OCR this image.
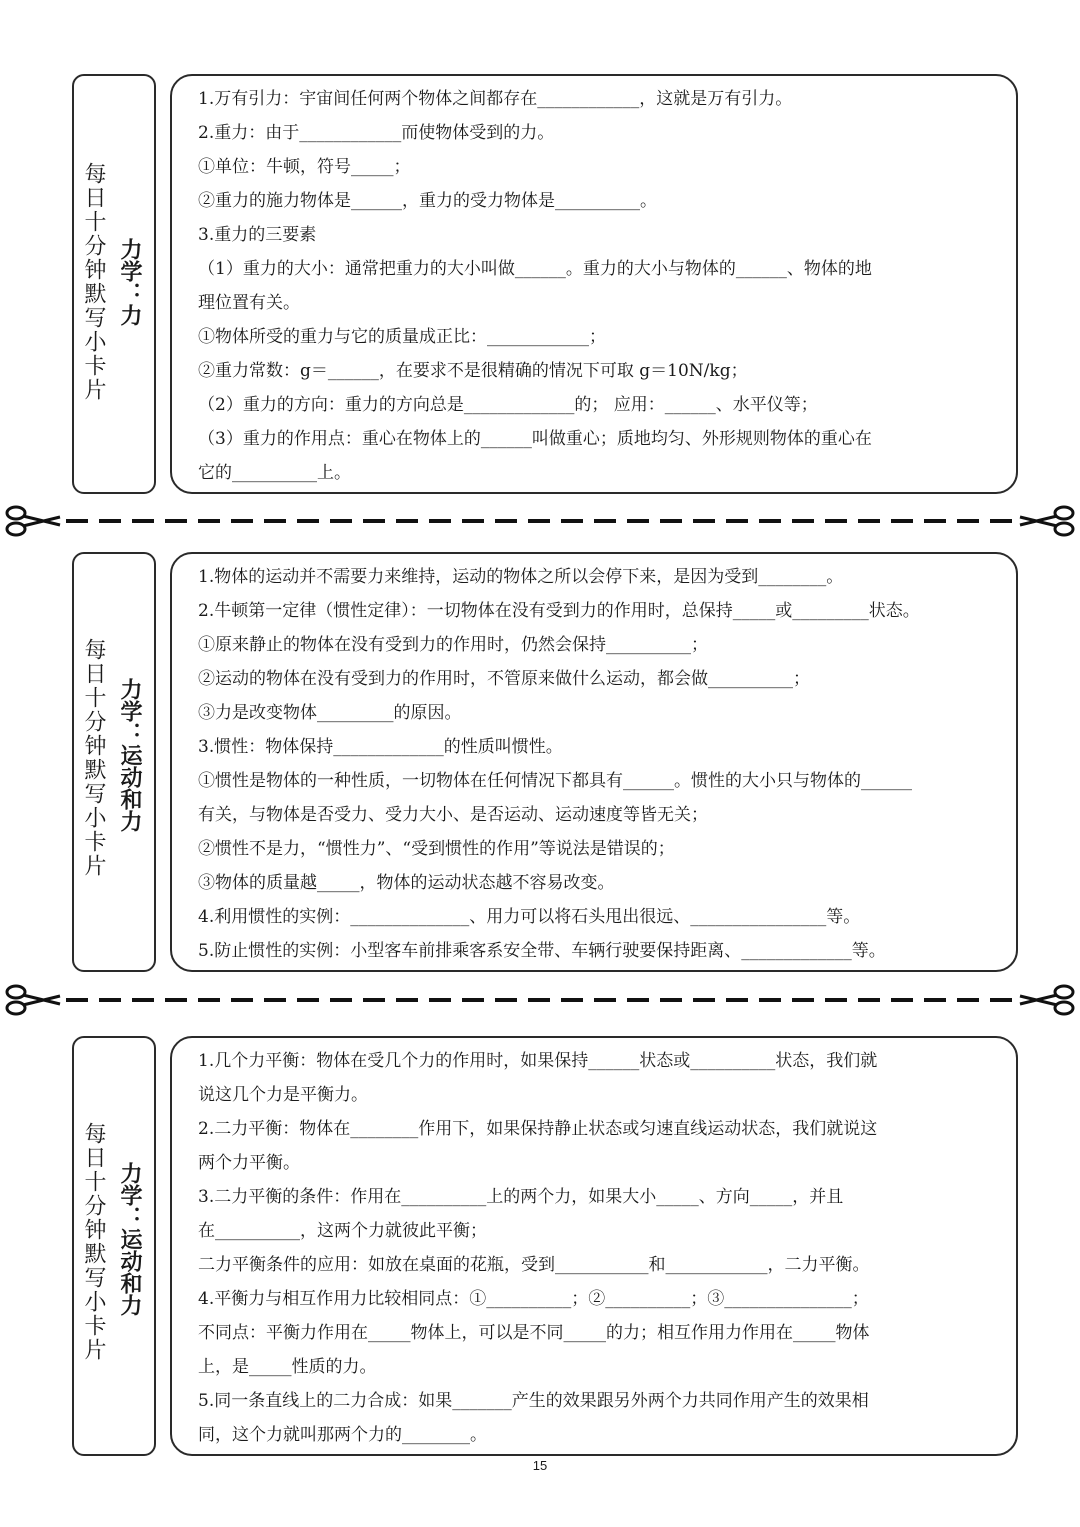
每日十分钟默写小卡片 力学：力
1.万有引力：宇宙间任何两个物体之间都存在____________，这就是万有引力。
2.重力：由于____________而使物体受到的力。
①单位：牛顿，符号_____；
②重力的施力物体是______，重力的受力物体是__________。
3.重力的三要素
（1）重力的大小：通常把重力的大小叫做______。重力的大小与物体的______、物体的地
理位置有关。
①物体所受的重力与它的质量成正比：____________；
②重力常数：g＝______，在要求不是很精确的情况下可取 g＝10N/kg；
（2）重力的方向：重力的方向总是_____________的； 应用：______、水平仪等；
（3）重力的作用点：重心在物体上的______叫做重心；质地均匀、外形规则物体的重心在
它的__________上。
每日十分钟默写小卡片 力学：运动和力
1.物体的运动并不需要力来维持，运动的物体之所以会停下来，是因为受到________。
2.牛顿第一定律（惯性定律）：一切物体在没有受到力的作用时，总保持_____或_________状态。
①原来静止的物体在没有受到力的作用时，仍然会保持__________；
②运动的物体在没有受到力的作用时，不管原来做什么运动，都会做__________；
③力是改变物体_________的原因。
3.惯性：物体保持_____________的性质叫惯性。
①惯性是物体的一种性质，一切物体在任何情况下都具有______。惯性的大小只与物体的______
有关，与物体是否受力、受力大小、是否运动、运动速度等皆无关；
②惯性不是力，“惯性力”、“受到惯性的作用”等说法是错误的；
③物体的质量越_____，物体的运动状态越不容易改变。
4.利用惯性的实例：______________、用力可以将石头甩出很远、________________等。
5.防止惯性的实例：小型客车前排乘客系安全带、车辆行驶要保持距离、_____________等。
每日十分钟默写小卡片 力学：运动和力
1.几个力平衡：物体在受几个力的作用时，如果保持______状态或__________状态，我们就
说这几个力是平衡力。
2.二力平衡：物体在________作用下，如果保持静止状态或匀速直线运动状态，我们就说这
两个力平衡。
3.二力平衡的条件：作用在__________上的两个力，如果大小_____、方向_____，并且
在__________，这两个力就彼此平衡；
二力平衡条件的应用：如放在桌面的花瓶，受到___________和____________，二力平衡。
4.平衡力与相互作用力比较相同点：①__________；②__________；③_______________；
不同点：平衡力作用在_____物体上，可以是不同_____的力；相互作用力作用在_____物体
上，是_____性质的力。
5.同一条直线上的二力合成：如果_______产生的效果跟另外两个力共同作用产生的效果相
同，这个力就叫那两个力的________。
15
